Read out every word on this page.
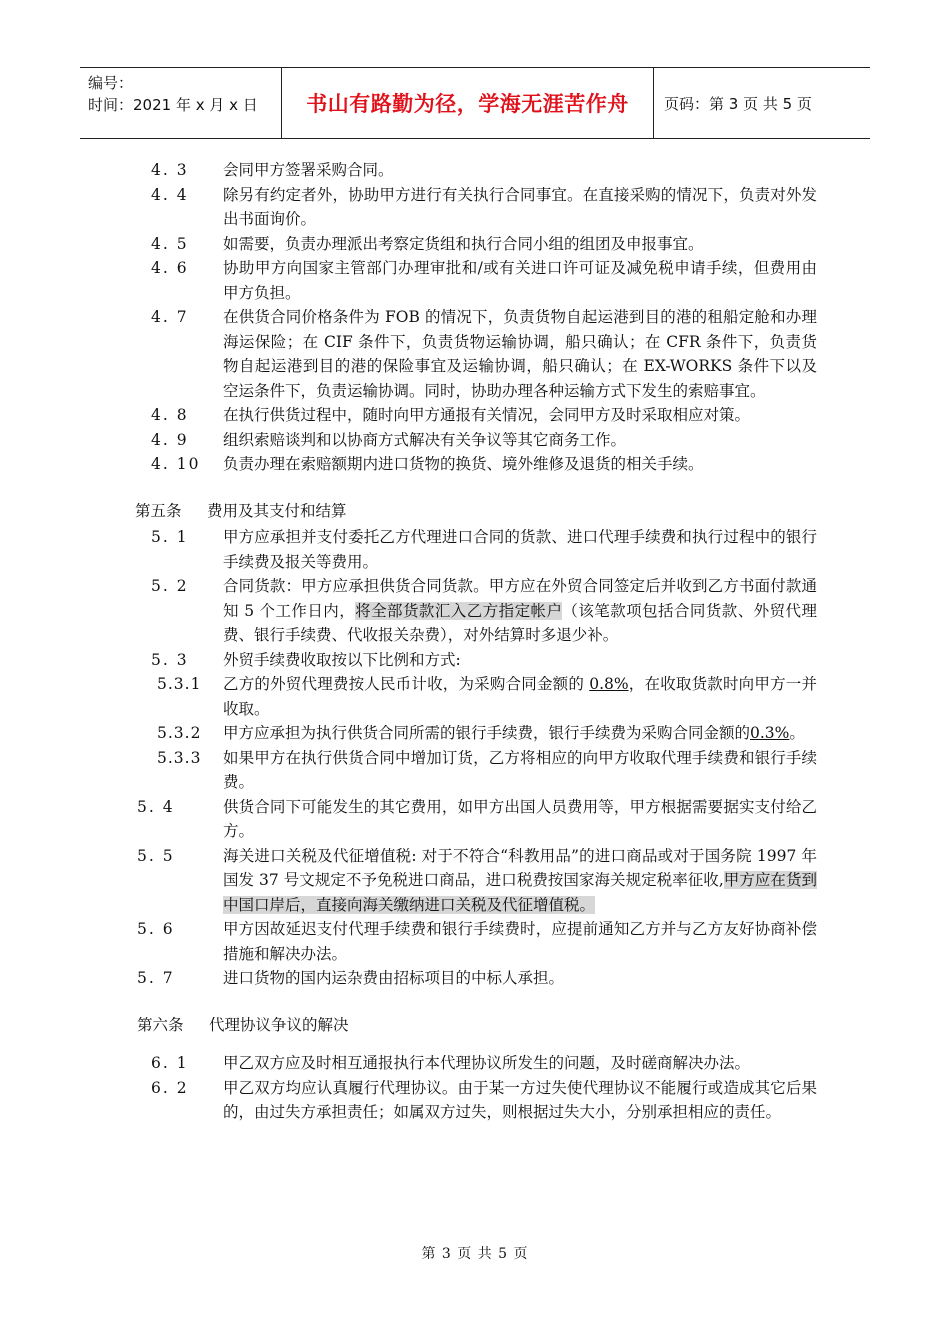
编号：
时间：2021 年 x 月 x 日	书山有路勤为径，学海无涯苦作舟	页码：第 3 页 共 5 页
4. 3	会同甲方签署采购合同。
4. 4	除另有约定者外，协助甲方进行有关执行合同事宜。在直接采购的情况下，负责对外发出书面询价。
4. 5	如需要，负责办理派出考察定货组和执行合同小组的组团及申报事宜。
4. 6	协助甲方向国家主管部门办理审批和/或有关进口许可证及减免税申请手续，但费用由甲方负担。
4. 7	在供货合同价格条件为 FOB 的情况下，负责货物自起运港到目的港的租船定舱和办理海运保险；在 CIF 条件下，负责货物运输协调，船只确认；在 CFR 条件下，负责货物自起运港到目的港的保险事宜及运输协调，船只确认；在 EX-WORKS 条件下以及空运条件下，负责运输协调。同时，协助办理各种运输方式下发生的索赔事宜。
4. 8	在执行供货过程中，随时向甲方通报有关情况，会同甲方及时采取相应对策。
4. 9	组织索赔谈判和以协商方式解决有关争议等其它商务工作。
4. 10	负责办理在索赔额期内进口货物的换货、境外维修及退货的相关手续。
第五条	费用及其支付和结算
5. 1	甲方应承担并支付委托乙方代理进口合同的货款、进口代理手续费和执行过程中的银行手续费及报关等费用。
5. 2	合同货款：甲方应承担供货合同货款。甲方应在外贸合同签定后并收到乙方书面付款通知 5 个工作日内，将全部货款汇入乙方指定帐户（该笔款项包括合同货款、外贸代理费、银行手续费、代收报关杂费），对外结算时多退少补。
5. 3	外贸手续费收取按以下比例和方式:
5.3.1	乙方的外贸代理费按人民币计收，为采购合同金额的 0.8%，在收取货款时向甲方一并收取。
5.3.2	甲方应承担为执行供货合同所需的银行手续费，银行手续费为采购合同金额的0.3%。
5.3.3	如果甲方在执行供货合同中增加订货，乙方将相应的向甲方收取代理手续费和银行手续费。
5. 4	供货合同下可能发生的其它费用，如甲方出国人员费用等，甲方根据需要据实支付给乙方。
5. 5	海关进口关税及代征增值税: 对于不符合“科教用品”的进口商品或对于国务院 1997 年国发 37 号文规定不予免税进口商品，进口税费按国家海关规定税率征收,甲方应在货到中国口岸后，直接向海关缴纳进口关税及代征增值税。
5. 6	甲方因故延迟支付代理手续费和银行手续费时，应提前通知乙方并与乙方友好协商补偿措施和解决办法。
5. 7	进口货物的国内运杂费由招标项目的中标人承担。
第六条	代理协议争议的解决
6. 1	甲乙双方应及时相互通报执行本代理协议所发生的问题，及时磋商解决办法。
6. 2	甲乙双方均应认真履行代理协议。由于某一方过失使代理协议不能履行或造成其它后果的，由过失方承担责任；如属双方过失，则根据过失大小，分别承担相应的责任。
第 3 页 共 5 页
